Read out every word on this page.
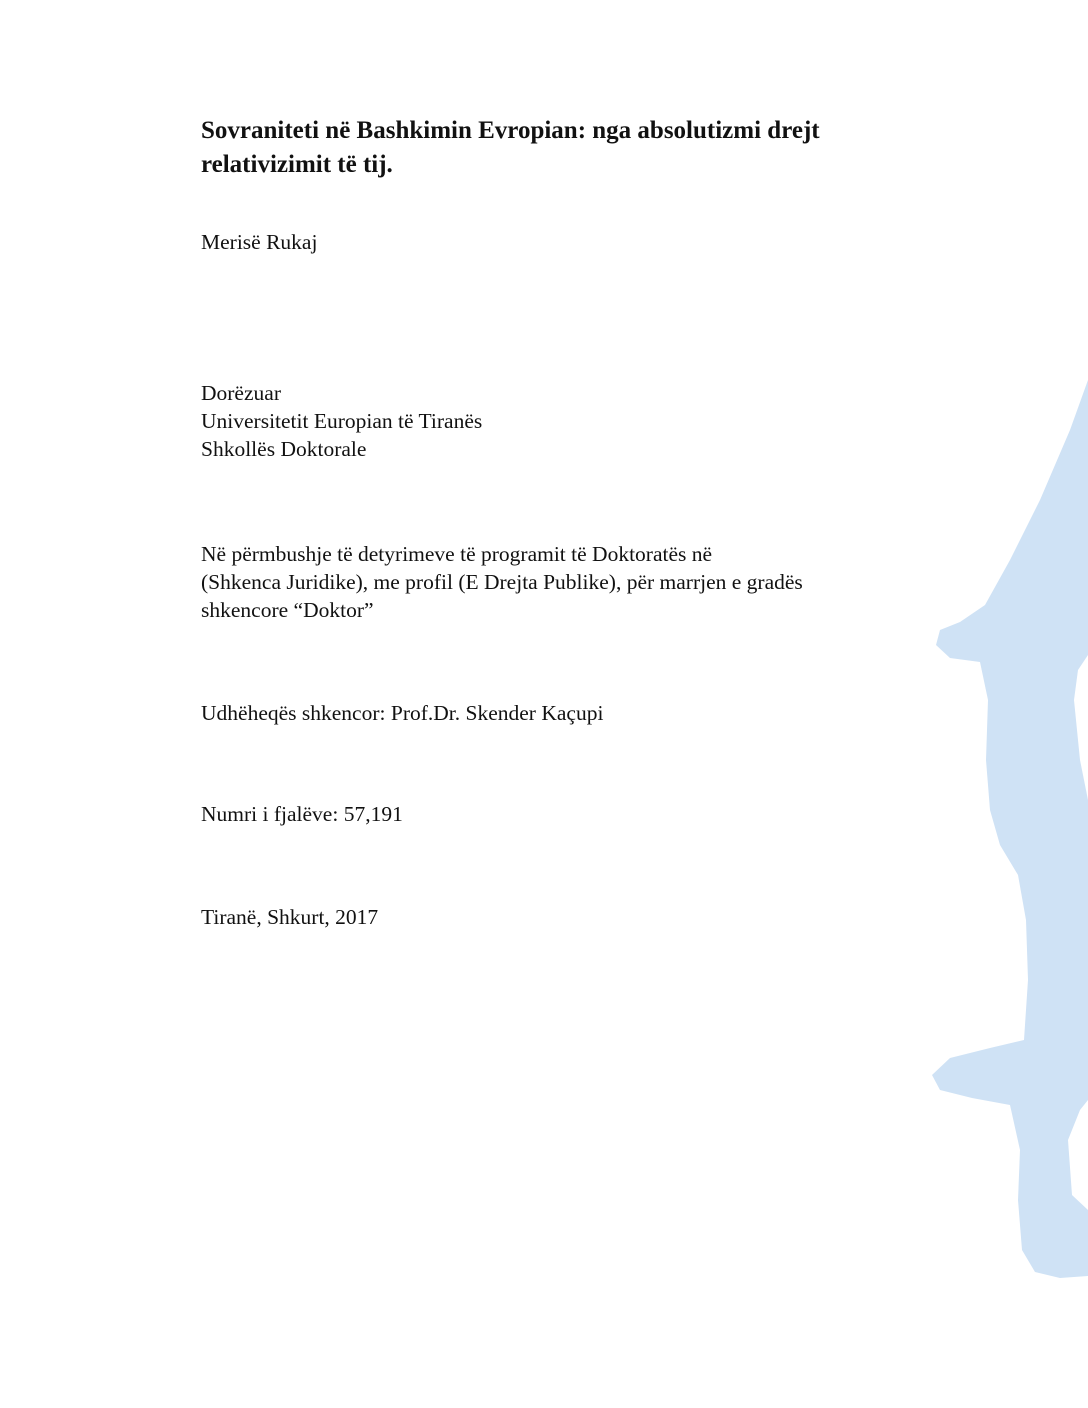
Sovraniteti në Bashkimin Evropian: nga absolutizmi drejt
relativizimit të tij.

Merisë Rukaj

Dorëzuar
Universitetit Europian të Tiranës
Shkollës Doktorale

Në përmbushje të detyrimeve të programit të Doktoratës në
(Shkenca Juridike), me profil (E Drejta Publike), për marrjen e gradës
shkencore “Doktor”

Udhëheqës shkencor: Prof.Dr. Skender Kaçupi

Numri i fjalëve: 57,191

Tiranë, Shkurt, 2017
